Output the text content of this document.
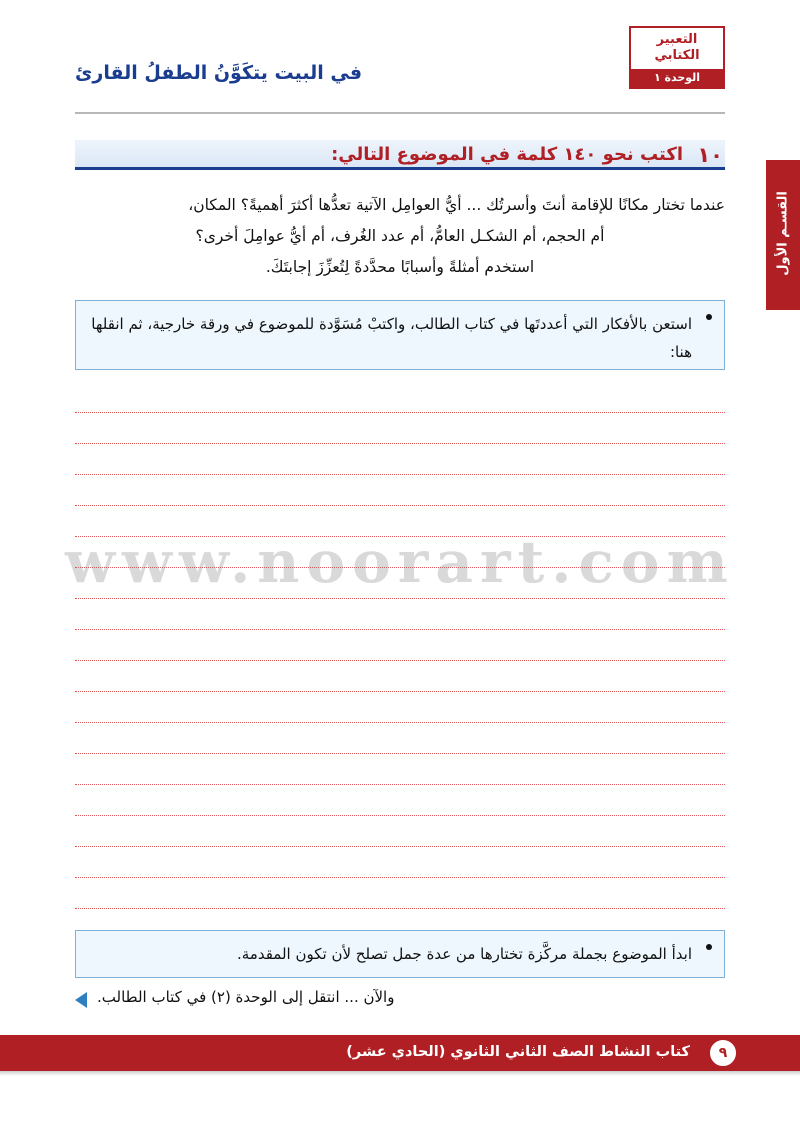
التعبير
الكتابي
الوحدة ١
في البيت يتكَوَّنُ الطفلُ القارئ
القسـم الأول
١٠
اكتب نحو ١٤٠ كلمة في الموضوع التالي:
عندما تختار مكانًا للإقامة أنتَ وأسرتُك ... أيُّ العوامِل الآتية تعدُّها أكثرَ أهميةً؟ المكان،
أم الحجم، أم الشكـل العامُّ، أم عدد الغُرف، أم أيُّ عوامِلَ أخرى؟
استخدم أمثلةً وأسبابًا محدَّدةً لِتُعزِّزَ إجابتَكَ.
استعن بالأفكار التي أعددتَها في كتاب الطالب، واكتبْ مُسَوَّدة للموضوع في ورقة خارجية، ثم انقلها هنا:
www.noorart.com
ابدأ الموضوع بجملة مركَّزة تختارها من عدة جمل تصلح لأن تكون المقدمة.
والآن ... انتقل إلى الوحدة (٢) في كتاب الطالب.
كتاب النشاط الصف الثاني الثانوي (الحادي عشر)	٩
